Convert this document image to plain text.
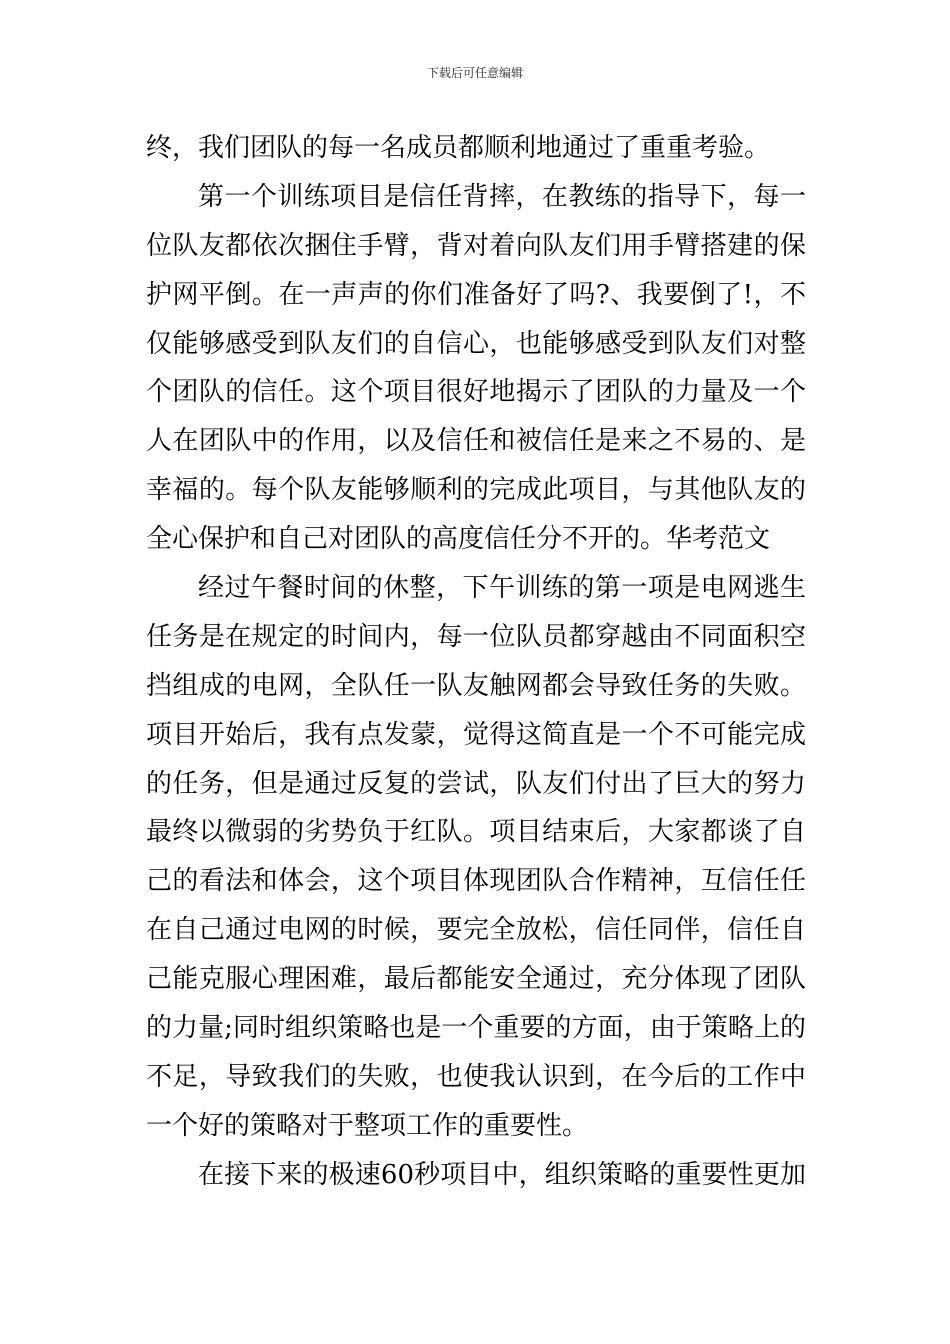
下载后可任意编辑
终，我们团队的每一名成员都顺利地通过了重重考验。
第一个训练项目是信任背摔，在教练的指导下，每一
位队友都依次捆住手臂，背对着向队友们用手臂搭建的保
护网平倒。在一声声的你们准备好了吗?、我要倒了!，不
仅能够感受到队友们的自信心，也能够感受到队友们对整
个团队的信任。这个项目很好地揭示了团队的力量及一个
人在团队中的作用，以及信任和被信任是来之不易的、是
幸福的。每个队友能够顺利的完成此项目，与其他队友的
全心保护和自己对团队的高度信任分不开的。华考范文
经过午餐时间的休整，下午训练的第一项是电网逃生
任务是在规定的时间内，每一位队员都穿越由不同面积空
挡组成的电网，全队任一队友触网都会导致任务的失败。
项目开始后，我有点发蒙，觉得这简直是一个不可能完成
的任务，但是通过反复的尝试，队友们付出了巨大的努力
最终以微弱的劣势负于红队。项目结束后，大家都谈了自
己的看法和体会，这个项目体现团队合作精神，互信任任
在自己通过电网的时候，要完全放松，信任同伴，信任自
己能克服心理困难，最后都能安全通过，充分体现了团队
的力量;同时组织策略也是一个重要的方面，由于策略上的
不足，导致我们的失败，也使我认识到，在今后的工作中
一个好的策略对于整项工作的重要性。
在接下来的极速60秒项目中，组织策略的重要性更加
